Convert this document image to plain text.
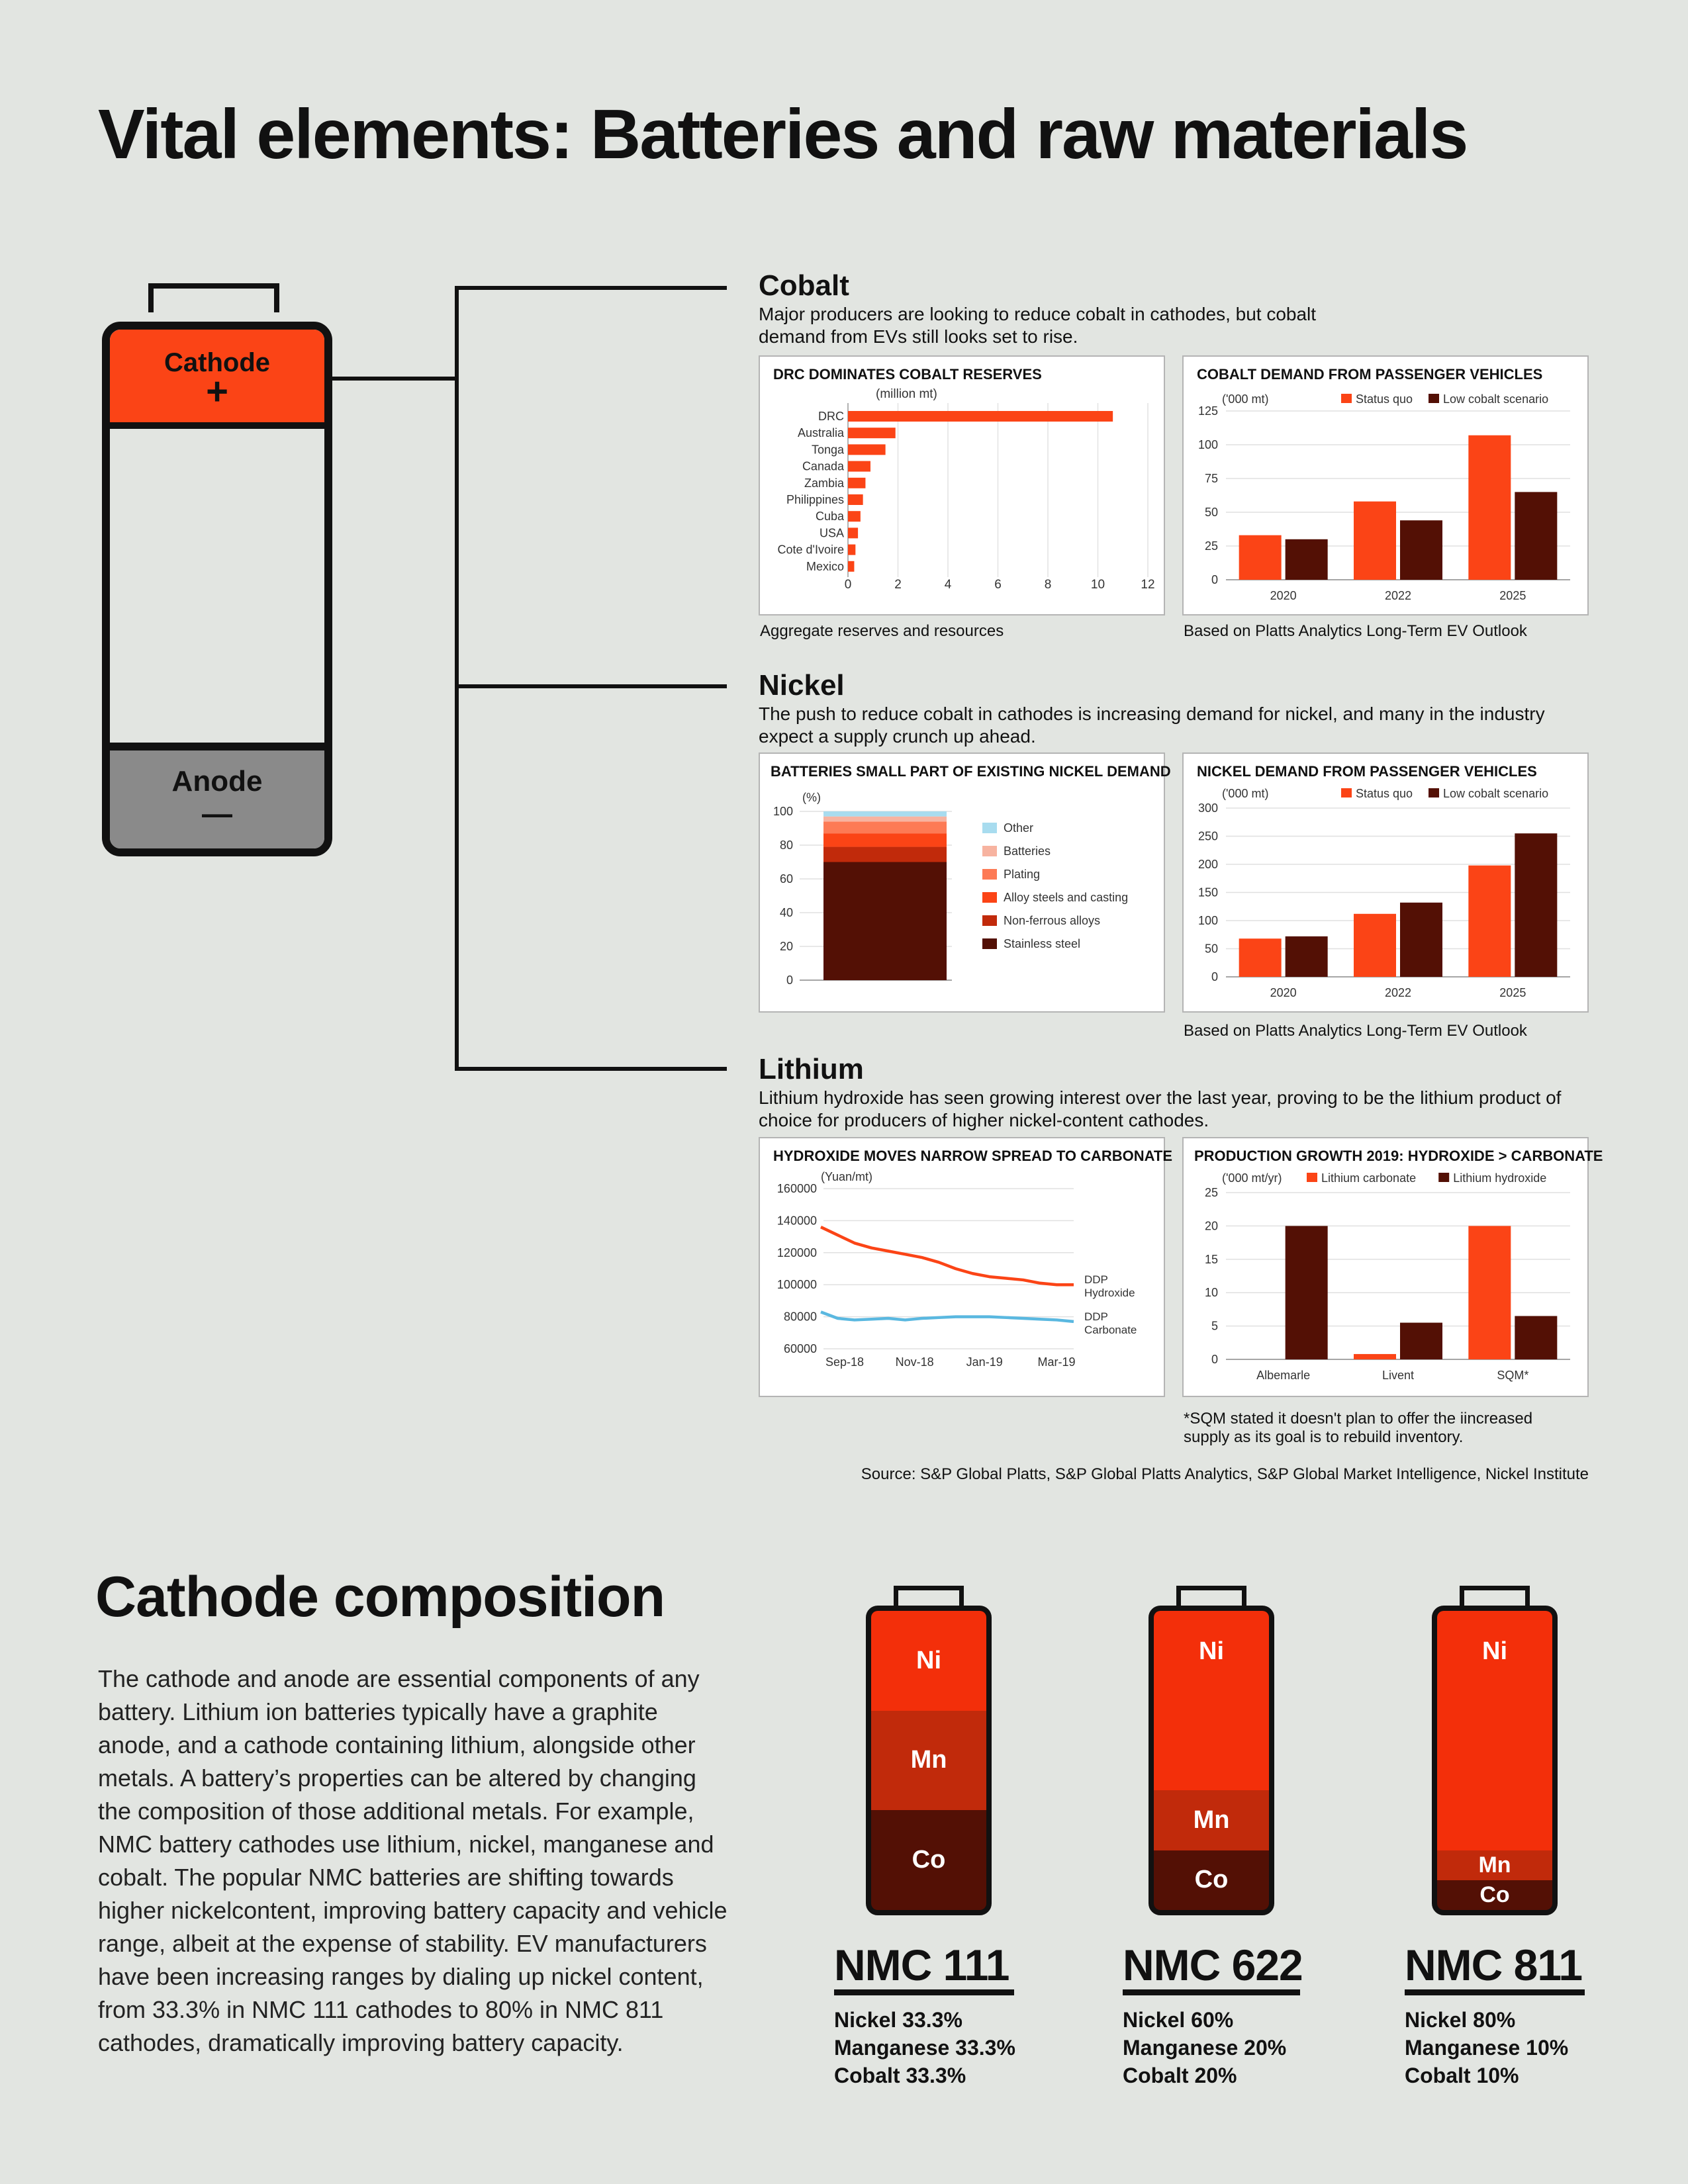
Vital elements: Batteries and raw materials
Cathode
+
Anode
—
Cobalt
Major producers are looking to reduce cobalt in cathodes, but cobalt demand from EVs still looks set to rise.
DRC DOMINATES COBALT RESERVES
(million mt)
0	2	4	6	8	10	12
DRC
Australia
Tonga
Canada
Zambia
Philippines
Cuba
USA
Cote d'Ivoire
Mexico
COBALT DEMAND FROM PASSENGER VEHICLES
('000 mt)	Status quo	Low cobalt scenario
0
25
50
75
100
125
2020	2022	2025
Aggregate reserves and resources	Based on Platts Analytics Long-Term EV Outlook
Nickel
The push to reduce cobalt in cathodes is increasing demand for nickel, and many in the industry expect a supply crunch up ahead.
BATTERIES SMALL PART OF EXISTING NICKEL DEMAND
(%)
0
20
40
60
80
100
Other
Batteries
Plating
Alloy steels and casting
Non-ferrous alloys
Stainless steel
NICKEL DEMAND FROM PASSENGER VEHICLES
('000 mt)	Status quo	Low cobalt scenario
0
50
100
150
200
250
300
2020	2022	2025
Based on Platts Analytics Long-Term EV Outlook
Lithium
Lithium hydroxide has seen growing interest over the last year, proving to be the lithium product of choice for producers of higher nickel-content cathodes.
HYDROXIDE MOVES NARROW SPREAD TO CARBONATE
(Yuan/mt)
60000
80000
100000
120000
140000
160000
Sep-18	Nov-18	Jan-19	Mar-19
DDP
Hydroxide
DDP
Carbonate
PRODUCTION GROWTH 2019: HYDROXIDE > CARBONATE
('000 mt/yr)	Lithium carbonate	Lithium hydroxide
0
5
10
15
20
25
Albemarle	Livent	SQM*
*SQM stated it doesn't plan to offer the iincreased supply as its goal is to rebuild inventory.
Source: S&P Global Platts, S&P Global Platts Analytics, S&P Global Market Intelligence, Nickel Institute
Cathode composition
The cathode and anode are essential components of any battery. Lithium ion batteries typically have a graphite anode, and a cathode containing lithium, alongside other metals. A battery’s properties can be altered by changing the composition of those additional metals. For example, NMC battery cathodes use lithium, nickel, manganese and cobalt. The popular NMC batteries are shifting towards higher nickelcontent, improving battery capacity and vehicle range, albeit at the expense of stability. EV manufacturers have been increasing ranges by dialing up nickel content, from 33.3% in NMC 111 cathodes to 80% in NMC 811 cathodes, dramatically improving battery capacity.
Ni
Mn
Co
Ni
Mn
Co
Ni
Mn
Co
NMC 111
Nickel 33.3%
Manganese 33.3%
Cobalt 33.3%
NMC 622
Nickel 60%
Manganese 20%
Cobalt 20%
NMC 811
Nickel 80%
Manganese 10%
Cobalt 10%
